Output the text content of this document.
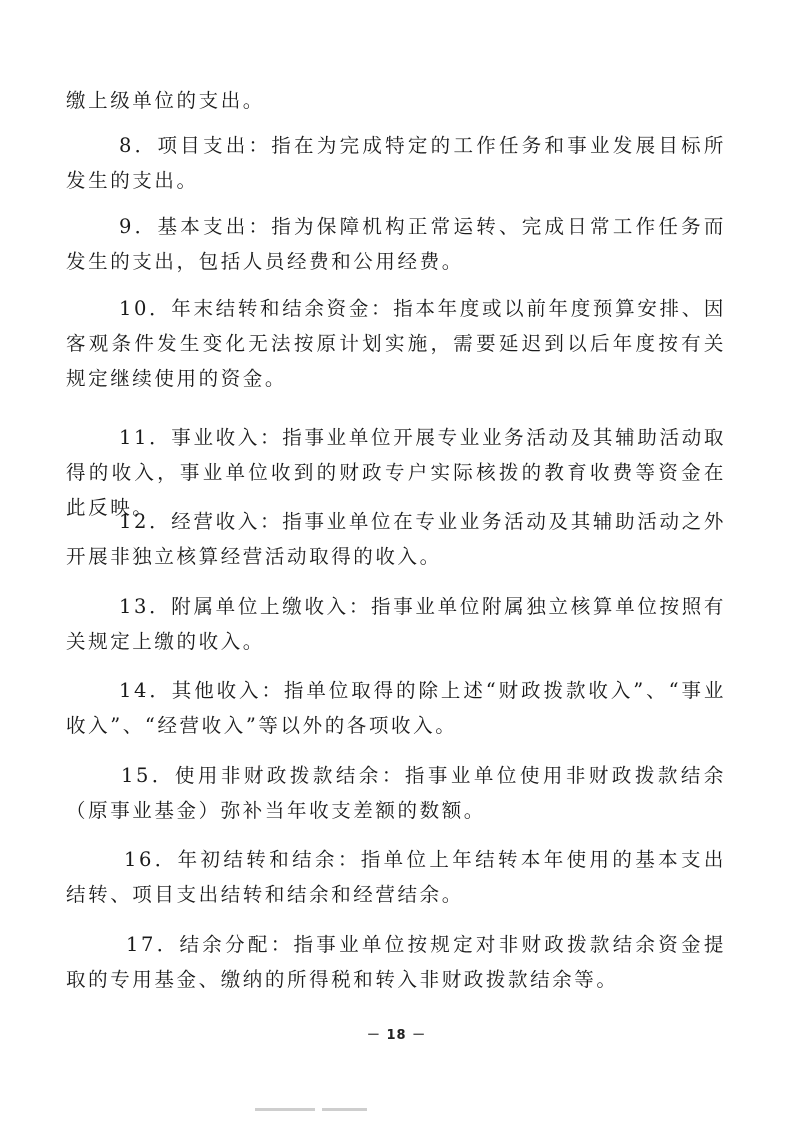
缴上级单位的支出。

8．项目支出：指在为完成特定的工作任务和事业发展目标所发生的支出。

9．基本支出：指为保障机构正常运转、完成日常工作任务而发生的支出，包括人员经费和公用经费。

10．年末结转和结余资金：指本年度或以前年度预算安排、因客观条件发生变化无法按原计划实施，需要延迟到以后年度按有关规定继续使用的资金。

11．事业收入：指事业单位开展专业业务活动及其辅助活动取得的收入，事业单位收到的财政专户实际核拨的教育收费等资金在此反映。

12．经营收入：指事业单位在专业业务活动及其辅助活动之外开展非独立核算经营活动取得的收入。

13．附属单位上缴收入：指事业单位附属独立核算单位按照有关规定上缴的收入。

14．其他收入：指单位取得的除上述“财政拨款收入”、“事业收入”、“经营收入”等以外的各项收入。

15．使用非财政拨款结余：指事业单位使用非财政拨款结余（原事业基金）弥补当年收支差额的数额。

16．年初结转和结余：指单位上年结转本年使用的基本支出结转、项目支出结转和结余和经营结余。

17．结余分配：指事业单位按规定对非财政拨款结余资金提取的专用基金、缴纳的所得税和转入非财政拨款结余等。

－ 18 －
